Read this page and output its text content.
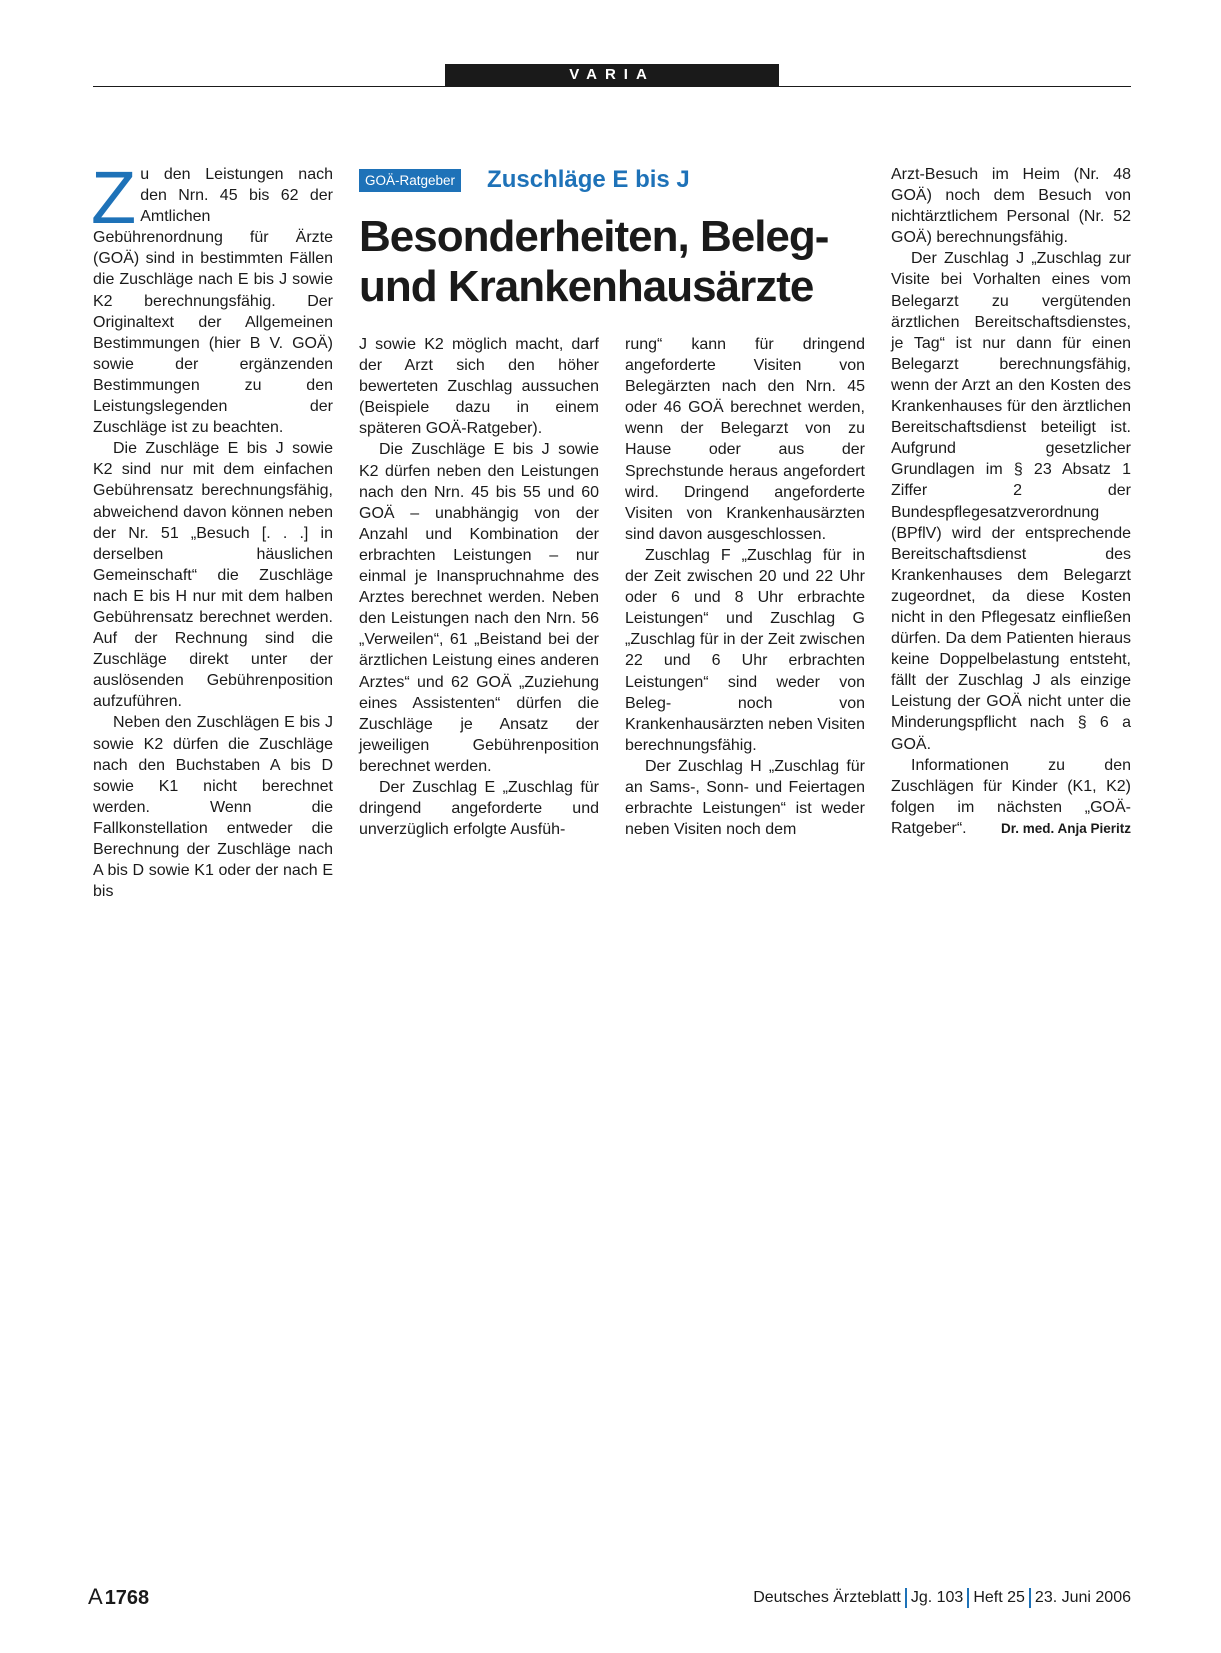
VARIA
GOÄ-Ratgeber Zuschläge E bis J
Besonderheiten, Beleg-
und Krankenhausärzte

Zu den Leistungen nach den Nrn. 45 bis 62 der Amtlichen Gebührenordnung für Ärzte (GOÄ) sind in bestimmten Fällen die Zuschläge nach E bis J sowie K2 berechnungsfähig. Der Originaltext der Allgemeinen Bestimmungen (hier B V. GOÄ) sowie der ergänzenden Bestimmungen zu den Leistungslegenden der Zuschläge ist zu beachten.

Die Zuschläge E bis J sowie K2 sind nur mit dem einfachen Gebührensatz berechnungsfähig, abweichend davon können neben der Nr. 51 „Besuch [. . .] in derselben häuslichen Gemeinschaft“ die Zuschläge nach E bis H nur mit dem halben Gebührensatz berechnet werden. Auf der Rechnung sind die Zuschläge direkt unter der auslösenden Gebührenposition aufzuführen.

Neben den Zuschlägen E bis J sowie K2 dürfen die Zuschläge nach den Buchstaben A bis D sowie K1 nicht berechnet werden. Wenn die Fallkonstellation entweder die Berechnung der Zuschläge nach A bis D sowie K1 oder der nach E bis

J sowie K2 möglich macht, darf der Arzt sich den höher bewerteten Zuschlag aussuchen (Beispiele dazu in einem späteren GOÄ-Ratgeber).

Die Zuschläge E bis J sowie K2 dürfen neben den Leistungen nach den Nrn. 45 bis 55 und 60 GOÄ – unabhängig von der Anzahl und Kombination der erbrachten Leistungen – nur einmal je Inanspruchnahme des Arztes berechnet werden. Neben den Leistungen nach den Nrn. 56 „Verweilen“, 61 „Beistand bei der ärztlichen Leistung eines anderen Arztes“ und 62 GOÄ „Zuziehung eines Assistenten“ dürfen die Zuschläge je Ansatz der jeweiligen Gebührenposition berechnet werden.

Der Zuschlag E „Zuschlag für dringend angeforderte und unverzüglich erfolgte Ausfüh-

rung“ kann für dringend angeforderte Visiten von Belegärzten nach den Nrn. 45 oder 46 GOÄ berechnet werden, wenn der Belegarzt von zu Hause oder aus der Sprechstunde heraus angefordert wird. Dringend angeforderte Visiten von Krankenhausärzten sind davon ausgeschlossen.

Zuschlag F „Zuschlag für in der Zeit zwischen 20 und 22 Uhr oder 6 und 8 Uhr erbrachte Leistungen“ und Zuschlag G „Zuschlag für in der Zeit zwischen 22 und 6 Uhr erbrachten Leistungen“ sind weder von Beleg- noch von Krankenhausärzten neben Visiten berechnungsfähig.

Der Zuschlag H „Zuschlag für an Sams-, Sonn- und Feiertagen erbrachte Leistungen“ ist weder neben Visiten noch dem

Arzt-Besuch im Heim (Nr. 48 GOÄ) noch dem Besuch von nichtärztlichem Personal (Nr. 52 GOÄ) berechnungsfähig.

Der Zuschlag J „Zuschlag zur Visite bei Vorhalten eines vom Belegarzt zu vergütenden ärztlichen Bereitschaftsdienstes, je Tag“ ist nur dann für einen Belegarzt berechnungsfähig, wenn der Arzt an den Kosten des Krankenhauses für den ärztlichen Bereitschaftsdienst beteiligt ist. Aufgrund gesetzlicher Grundlagen im § 23 Absatz 1 Ziffer 2 der Bundespflegesatzverordnung (BPflV) wird der entsprechende Bereitschaftsdienst des Krankenhauses dem Belegarzt zugeordnet, da diese Kosten nicht in den Pflegesatz einfließen dürfen. Da dem Patienten hieraus keine Doppelbelastung entsteht, fällt der Zuschlag J als einzige Leistung der GOÄ nicht unter die Minderungspflicht nach § 6 a GOÄ.

Informationen zu den Zuschlägen für Kinder (K1, K2) folgen im nächsten „GOÄ-Ratgeber“.	Dr. med. Anja Pieritz

A 1768	Deutsches Ärzteblatt Jg. 103 Heft 25 23. Juni 2006
